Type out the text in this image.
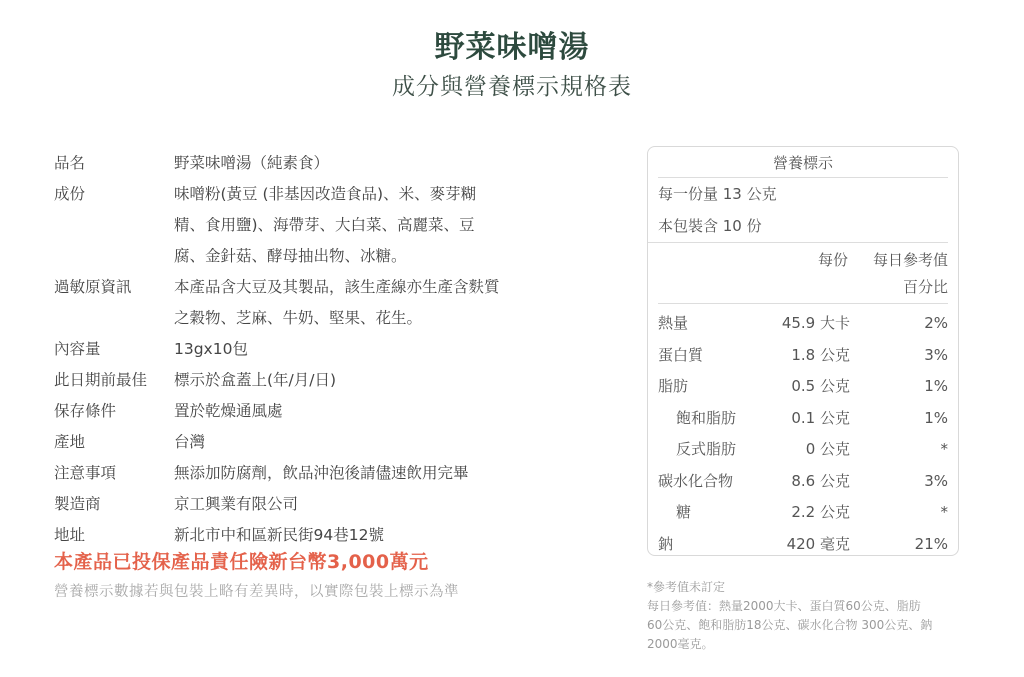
野菜味噌湯
成分與營養標示規格表
品名	野菜味噌湯（純素食）
成份	味噌粉(黃豆 (非基因改造食品)、米、麥芽糊
精、食用鹽)、海帶芽、大白菜、高麗菜、豆
腐、金針菇、酵母抽出物、冰糖。
過敏原資訊	本產品含大豆及其製品，該生產線亦生產含麩質
之穀物、芝麻、牛奶、堅果、花生。
內容量	13gx10包
此日期前最佳	標示於盒蓋上(年/月/日)
保存條件	置於乾燥通風處
產地	台灣
注意事項	無添加防腐劑，飲品沖泡後請儘速飲用完畢
製造商	京工興業有限公司
地址	新北市中和區新民街94巷12號
本產品已投保產品責任險新台幣3,000萬元
營養標示數據若與包裝上略有差異時，以實際包裝上標示為準
營養標示
每一份量 13 公克
本包裝含 10 份
每份 每日參考值
百分比
熱量	45.9 大卡	2%
蛋白質	1.8 公克	3%
脂肪	0.5 公克	1%
飽和脂肪	0.1 公克	1%
反式脂肪	0 公克	*
碳水化合物	8.6 公克	3%
糖	2.2 公克	*
鈉	420 毫克	21%
*參考值未訂定
每日參考值：熱量2000大卡、蛋白質60公克、脂肪
60公克、飽和脂肪18公克、碳水化合物 300公克、鈉
2000毫克。
